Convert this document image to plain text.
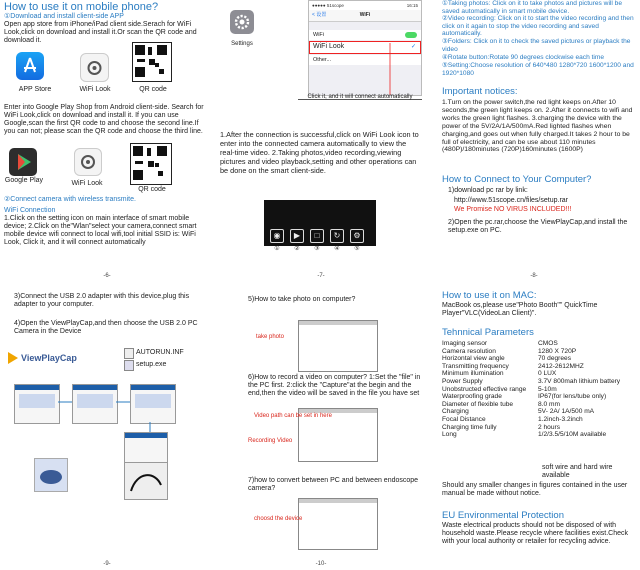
How to use it on mobile phone?

①Download and install client-side APP

Open app store from iPhone/iPad client side.Serach for WiFi Look,click on download and install it.Or scan the QR code and download it.

APP Store	WiFi Look	QR code

Enter into Google Play Shop from Android client-side. Search for WiFi Look,click on download and install it. If you can use Google,scan the first QR code to and choose the second line.If you can not; please scan the QR code and choose the third line.

Google Play	WiFi Look

QR code

②Connect camera with wireless transmite.

WiFi Connection

1.Click on the setting icon on main interface of smart mobile device; 2.Click on the"Wlan"select your camera,connect smart mobile device wifi connect to local wifi,tool initial SSID is: WiFi Look, Click it, and it will connect automatically

-6-

Settings

●●●●● 51scope	16:15
< 设置	WiFi
WiFi
WiFi Look	✓
Other...

Click it, and it will connect automatically

1.After the connection is successful,click on WiFi Look icon to enter into the connected camera automatically to view the real-time video. 2.Taking photos,video recording,viewing pictures and video playback,setting and other operations can be done on the smart client-side.

◉	▶	□	↻	⚙
①	②	③	④	⑤
-7-

①Taking photos: Click on it to take photos and pictures will be saved automatically in smart mobile device.

②Video recording: Click on it to start the video recording and then click on it again to stop the video recording and saved automatically.

③Folders: Click on it to check the saved pictures or playback the video

④Rotate button:Rotate 90 degrees clockwise each time

⑤Setting:Choose resolution of 640*480 1280*720 1600*1200 and 1920*1080

Important notices:

1.Turn on the power switch,the red light keeps on.After 10 seconds,the green light keeps on. 2.After it connects to wifi and works the green light flashes. 3.charging the device with the power of the 5V/2A/1A/500mA.Red lighted flashes when charging,and goes out when fully charged.It takes 2 hour to be full of electricity, and can be use about 110 minutes (480P)/180minutes (720P)160minutes (1600P)

How to Connect to Your Computer?

1)download pc rar by link:

http://www.51scope.cn/files/setup.rar

We Promise NO VIRUS INCLUDED!!!

2)Open the pc.rar,choose the ViewPlayCap,and install the setup.exe on PC.

-8-

3)Connect the USB 2.0 adapter with this device,plug this adapter to your computer.

4)Open the ViewPlayCap,and then choose the USB 2.0 PC Camera in the Device

ViewPlayCap

AUTORUN.INF

setup.exe

-9-

5)How to take photo on computer?

take photo

6)How to record a video on computer? 1:Set the "file" in the PC first. 2:click the "Capture"at the begin and the end,then the video will be saved in the file you have set

Video path can be set in here

Recording Video

7)how to convert between PC and between endoscope camera?

choosd the device

-10-

How to use it on MAC:

MacBook os,please use"Photo Booth"" QuickTime Player"VLC(VideoLan Client)".

Tehnnical Parameters

Imaging sensor	CMOS
Camera resolution	1280 X 720P
Horizontal view angle	70 degrees
Transmitting frequency	2412-2612MHZ
Minimum illumination	0 LUX
Power Supply	3.7V 800mah lithium battery
Unobstructed effective range	5-10m
Waterproofing grade	IP67(for lens/tube only)
Diameter of flexible tube	8.0 mm
Charging	5V- 2A/ 1A/500 mA
Focal Distance	1.2inch-3.2inch
Charging time fully	2 hours
Long	1/2/3.5/5/10M available

soft wire and hard wire available

Should any smaller changes in figures contained in the user manual be made without notice.

EU Environmental Protection

Waste electrical products should not be disposed of with household waste.Please recycle where facilities exist.Check with your local authority or retailer for recycling advice.
